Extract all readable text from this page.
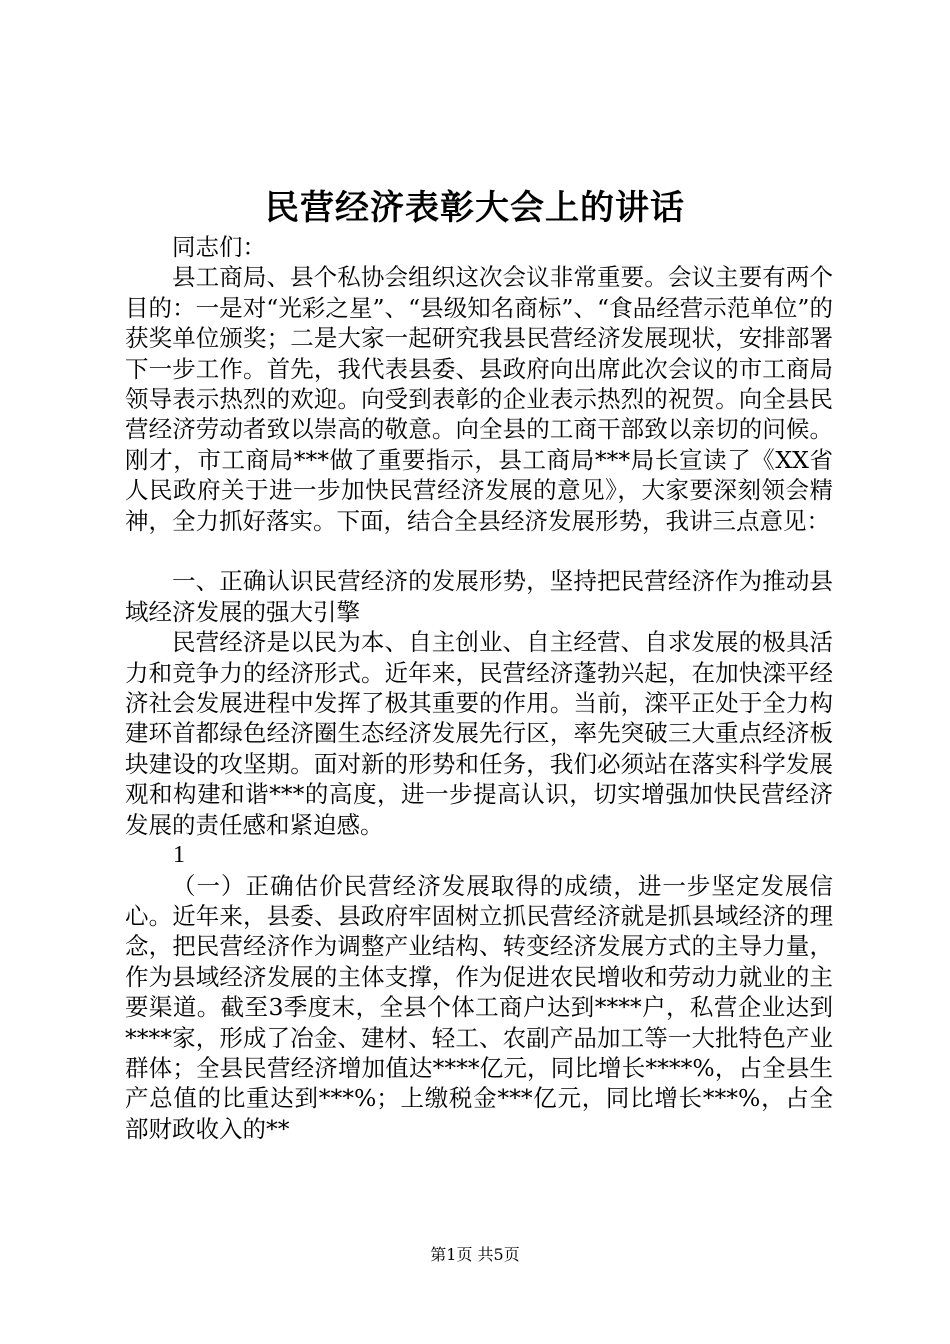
民营经济表彰大会上的讲话

同志们：

县工商局、县个私协会组织这次会议非常重要。会议主要有两个目的：一是对“光彩之星”、“县级知名商标”、“食品经营示范单位”的获奖单位颁奖；二是大家一起研究我县民营经济发展现状，安排部署下一步工作。首先，我代表县委、县政府向出席此次会议的市工商局领导表示热烈的欢迎。向受到表彰的企业表示热烈的祝贺。向全县民营经济劳动者致以崇高的敬意。向全县的工商干部致以亲切的问候。刚才，市工商局***做了重要指示，县工商局***局长宣读了《XX省人民政府关于进一步加快民营经济发展的意见》，大家要深刻领会精神，全力抓好落实。下面，结合全县经济发展形势，我讲三点意见：

一、正确认识民营经济的发展形势，坚持把民营经济作为推动县域经济发展的强大引擎

民营经济是以民为本、自主创业、自主经营、自求发展的极具活力和竞争力的经济形式。近年来，民营经济蓬勃兴起，在加快滦平经济社会发展进程中发挥了极其重要的作用。当前，滦平正处于全力构建环首都绿色经济圈生态经济发展先行区，率先突破三大重点经济板块建设的攻坚期。面对新的形势和任务，我们必须站在落实科学发展观和构建和谐***的高度，进一步提高认识，切实增强加快民营经济发展的责任感和紧迫感。

1

（一）正确估价民营经济发展取得的成绩，进一步坚定发展信心。近年来，县委、县政府牢固树立抓民营经济就是抓县域经济的理念，把民营经济作为调整产业结构、转变经济发展方式的主导力量，作为县域经济发展的主体支撑，作为促进农民增收和劳动力就业的主要渠道。截至3季度末，全县个体工商户达到****户，私营企业达到****家，形成了冶金、建材、轻工、农副产品加工等一大批特色产业群体；全县民营经济增加值达****亿元，同比增长****%，占全县生产总值的比重达到***%；上缴税金***亿元，同比增长***%，占全部财政收入的**

第1页 共5页
